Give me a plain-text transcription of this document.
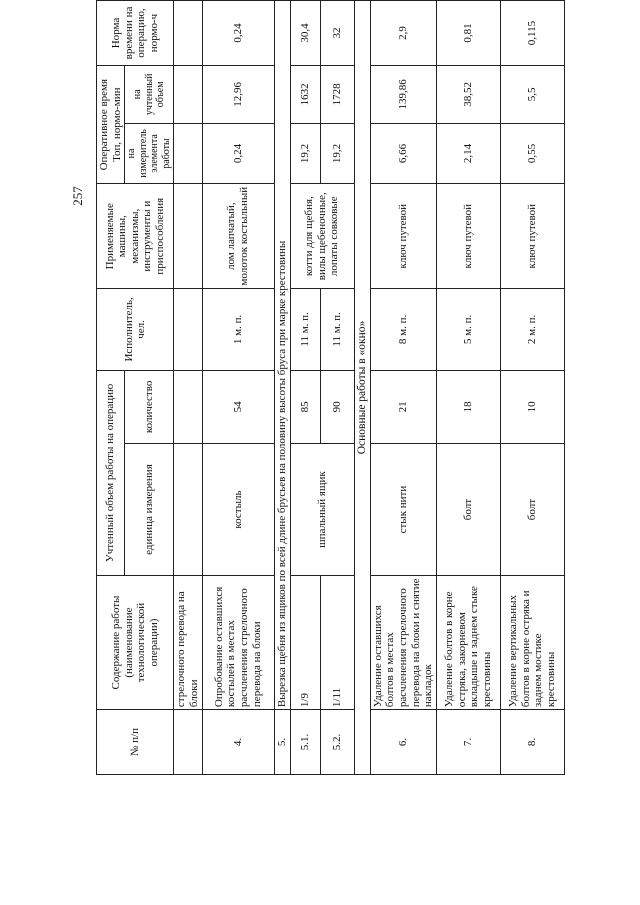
257
№ п/п	Содержание работы (наименование технологической операции)	Учтенный объем работы на операцию		Исполнитель, чел.	Применяемые машины, механизмы, инструменты и приспособления	Оперативное время Топ, нормо-мин		Норма времени на операцию, нормо-ч
		единица измерения	количество			на измеритель элемента работы	на учтенный объем	

	стрелочного перевода на блоки							
4.	Опробование оставшихся костылей в местах расчленения стрелочного перевода на блоки	костыль	54	1 м. п.	лом лапчатый, молоток костыльный	0,24	12,96	0,24
5.	Вырезка щебня из ящиков по всей длине брусьев на половину высоты бруса при марке крестовины							
5.1.	1/9	шпальный ящик	85	11 м. п.	котти для щебня, вилы щебеночные, лопаты совковые	19,2	1632	30,4
5.2.	1/11		90	11 м. п.		19,2	1728	32
Основные работы в «окно»								
6.	Удаление оставшихся болтов в местах расчленения стрелочного перевода на блоки и снятие накладок	стык нити	21	8 м. п.	ключ путевой	6,66	139,86	2,9
7.	Удаление болтов в корне остряка, закорневом вкладыше и заднем стыке крестовины	болт	18	5 м. п.	ключ путевой	2,14	38,52	0,81
8.	Удаление вертикальных болтов в корне остряка и заднем мостике крестовины	болт	10	2 м. п.	ключ путевой	0,55	5,5	0,115
